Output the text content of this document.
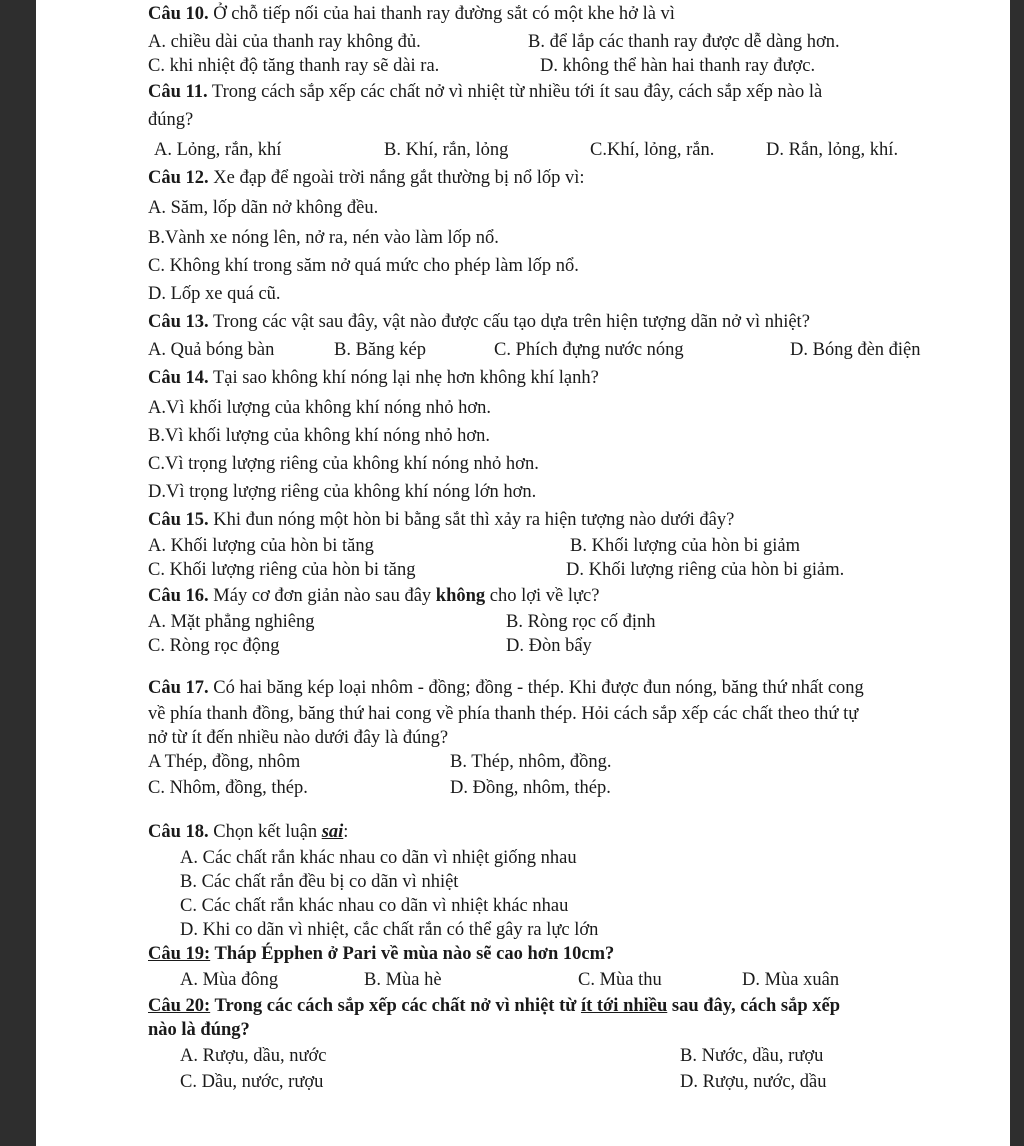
Câu 10. Ở chỗ tiếp nối của hai thanh ray đường sắt có một khe hở là vì
A. chiều dài của thanh ray không đủ.	B. để lắp các thanh ray được dễ dàng hơn.
C. khi nhiệt độ tăng thanh ray sẽ dài ra.	D. không thể hàn hai thanh ray được.
Câu 11. Trong cách sắp xếp các chất nở vì nhiệt từ nhiều tới ít sau đây, cách sắp xếp nào là
đúng?
A. Lỏng, rắn, khí	B. Khí, rắn, lỏng	C.Khí, lỏng, rắn.	D. Rắn, lỏng, khí.
Câu 12. Xe đạp để ngoài trời nắng gắt thường bị nổ lốp vì:
A. Săm, lốp dãn nở không đều.
B.Vành xe nóng lên, nở ra, nén vào làm lốp nổ.
C. Không khí trong săm nở quá mức cho phép làm lốp nổ.
D. Lốp xe quá cũ.
Câu 13. Trong các vật sau đây, vật nào được cấu tạo dựa trên hiện tượng dãn nở vì nhiệt?
A. Quả bóng bàn	B. Băng kép	C. Phích đựng nước nóng	D. Bóng đèn điện
Câu 14. Tại sao không khí nóng lại nhẹ hơn không khí lạnh?
A.Vì khối lượng của không khí nóng nhỏ hơn.
B.Vì khối lượng của không khí nóng nhỏ hơn.
C.Vì trọng lượng riêng của không khí nóng nhỏ hơn.
D.Vì trọng lượng riêng của không khí nóng lớn hơn.
Câu 15. Khi đun nóng một hòn bi bằng sắt thì xảy ra hiện tượng nào dưới đây?
A. Khối lượng của hòn bi tăng	B. Khối lượng của hòn bi giảm
C. Khối lượng riêng của hòn bi tăng	D. Khối lượng riêng của hòn bi giảm.
Câu 16. Máy cơ đơn giản nào sau đây không cho lợi về lực?
A. Mặt phẳng nghiêng	B. Ròng rọc cố định
C. Ròng rọc động	D. Đòn bẩy
Câu 17. Có hai băng kép loại nhôm - đồng; đồng - thép. Khi được đun nóng, băng thứ nhất cong
về phía thanh đồng, băng thứ hai cong về phía thanh thép. Hỏi cách sắp xếp các chất theo thứ tự
nở từ ít đến nhiều nào dưới đây là đúng?
A Thép, đồng, nhôm	B. Thép, nhôm, đồng.
C. Nhôm, đồng, thép.	D. Đồng, nhôm, thép.
Câu 18. Chọn kết luận sai:
A. Các chất rắn khác nhau co dãn vì nhiệt giống nhau
B. Các chất rắn đều bị co dãn vì nhiệt
C. Các chất rắn khác nhau co dãn vì nhiệt khác nhau
D. Khi co dãn vì nhiệt, cắc chất rắn có thể gây ra lực lớn
Câu 19: Tháp Épphen ở Pari về mùa nào sẽ cao hơn 10cm?
A. Mùa đông	B. Mùa hè	C. Mùa thu	D. Mùa xuân
Câu 20: Trong các cách sắp xếp các chất nở vì nhiệt từ ít tới nhiều sau đây, cách sắp xếp
nào là đúng?
A. Rượu, dầu, nước	B. Nước, dầu, rượu
C. Dầu, nước, rượu	D. Rượu, nước, dầu
